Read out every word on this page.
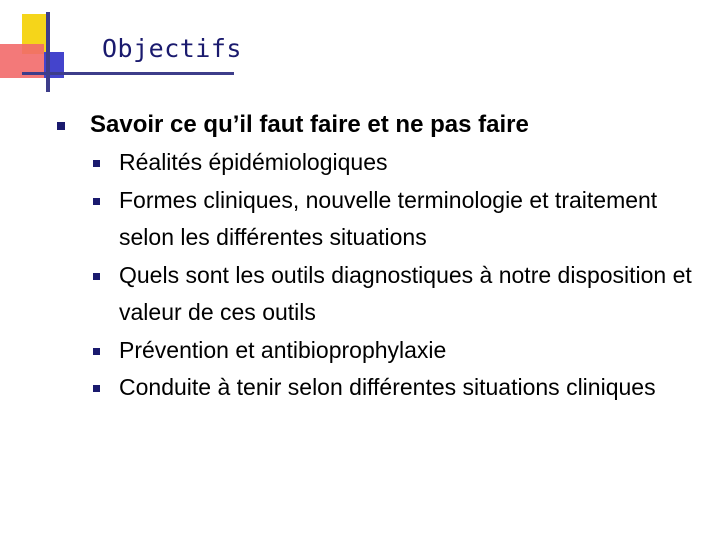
Objectifs
Savoir ce qu’il faut faire et ne pas faire
Réalités épidémiologiques
Formes cliniques, nouvelle terminologie et traitement selon les différentes situations
Quels sont les outils diagnostiques à notre disposition et valeur de ces outils
Prévention et antibioprophylaxie
Conduite à tenir selon différentes situations cliniques
